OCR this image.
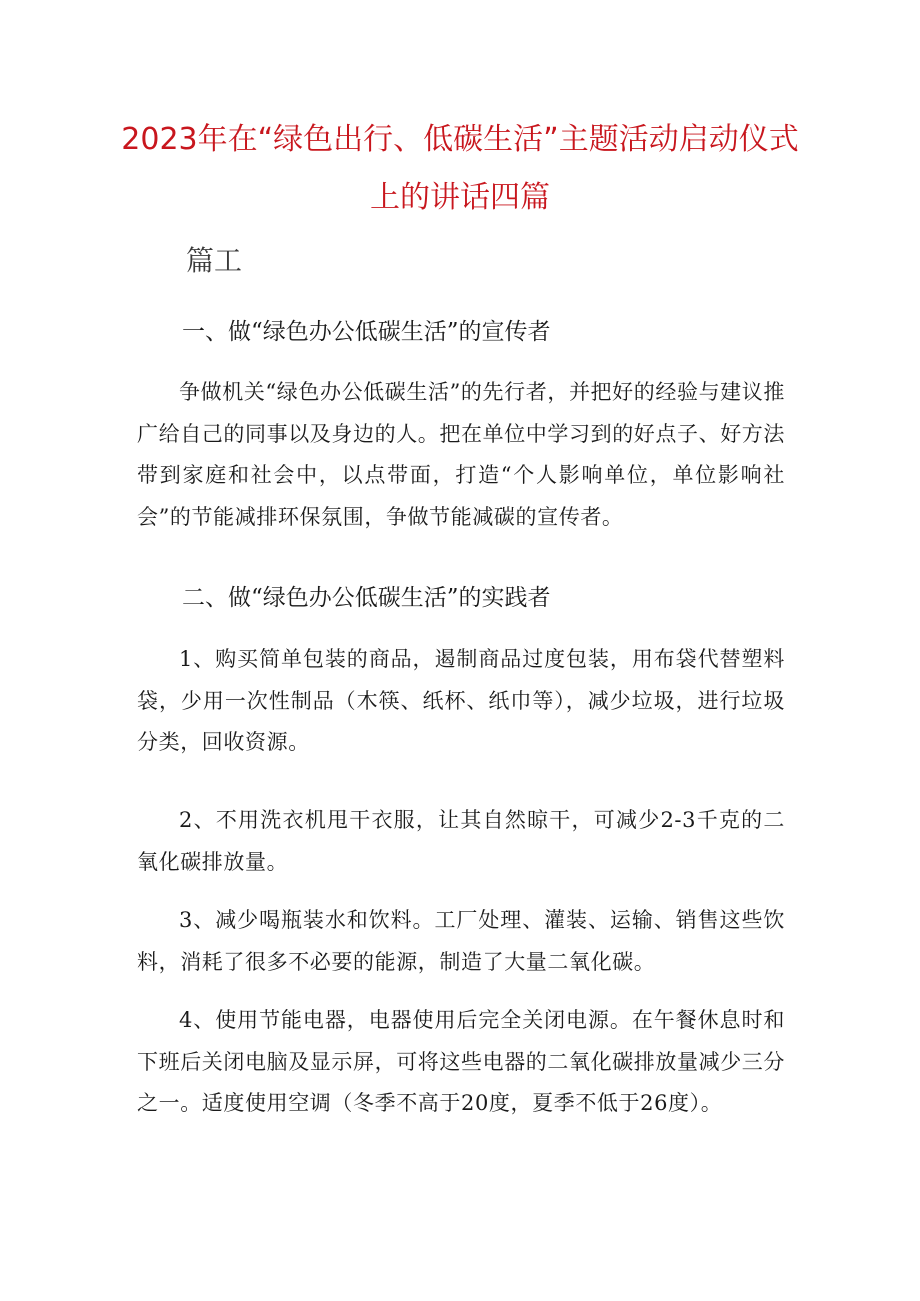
2023年在“绿色出行、低碳生活”主题活动启动仪式
上的讲话四篇
篇工
一、做“绿色办公低碳生活”的宣传者

争做机关“绿色办公低碳生活”的先行者，并把好的经验与建议推广给自己的同事以及身边的人。把在单位中学习到的好点子、好方法带到家庭和社会中，以点带面，打造“个人影响单位，单位影响社会”的节能减排环保氛围，争做节能减碳的宣传者。

二、做“绿色办公低碳生活”的实践者

1、购买简单包装的商品，遏制商品过度包装，用布袋代替塑料袋，少用一次性制品（木筷、纸杯、纸巾等），减少垃圾，进行垃圾分类，回收资源。

2、不用洗衣机甩干衣服，让其自然晾干，可减少2-3千克的二氧化碳排放量。

3、减少喝瓶装水和饮料。工厂处理、灌装、运输、销售这些饮料，消耗了很多不必要的能源，制造了大量二氧化碳。

4、使用节能电器，电器使用后完全关闭电源。在午餐休息时和下班后关闭电脑及显示屏，可将这些电器的二氧化碳排放量减少三分之一。适度使用空调（冬季不高于20度，夏季不低于26度）。
